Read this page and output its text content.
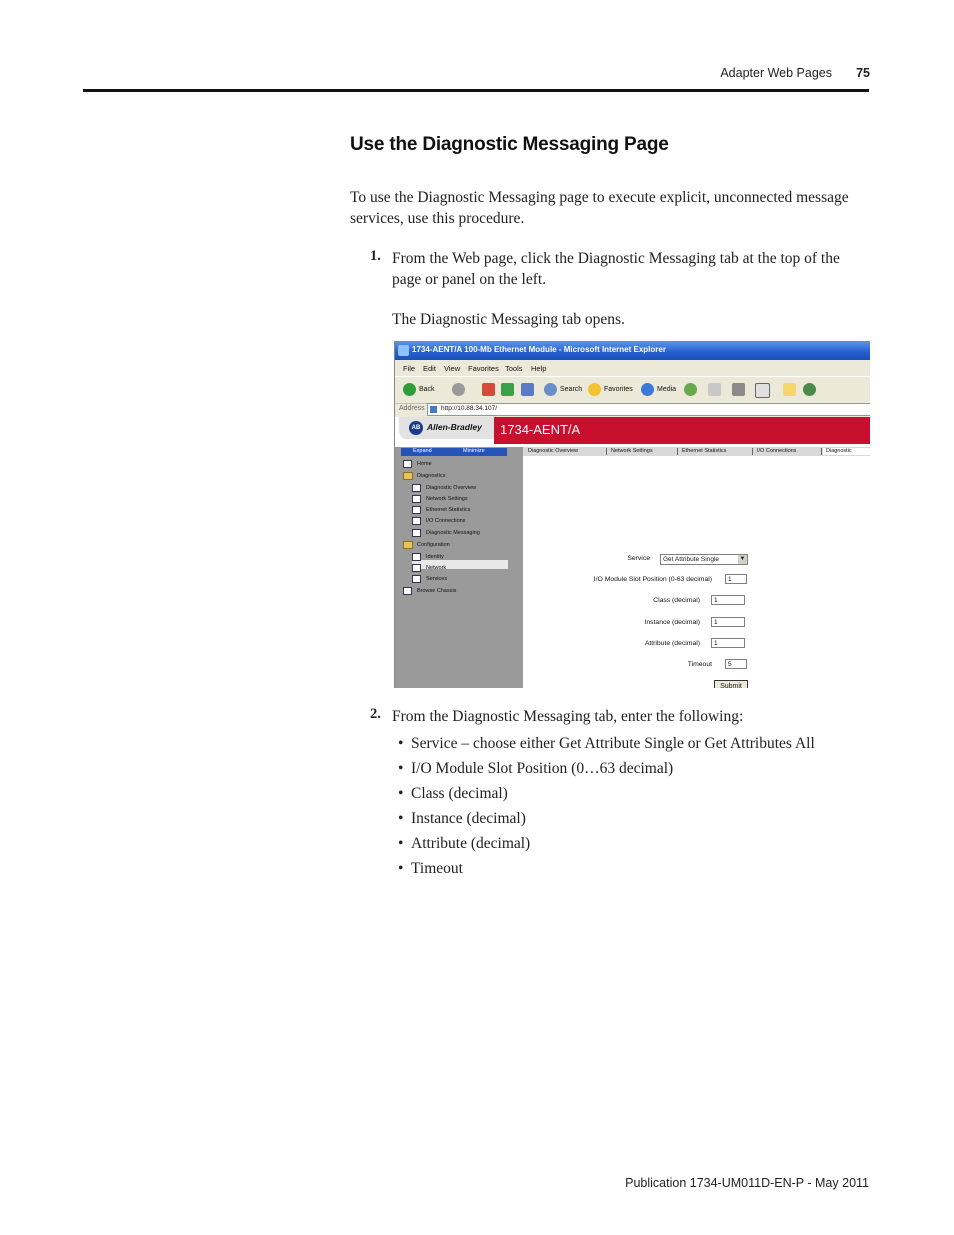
Adapter Web Pages	75
Use the Diagnostic Messaging Page
To use the Diagnostic Messaging page to execute explicit, unconnected message services, use this procedure.
1. From the Web page, click the Diagnostic Messaging tab at the top of the page or panel on the left.
The Diagnostic Messaging tab opens.
1734-AENT/A 100-Mb Ethernet Module - Microsoft Internet Explorer
File Edit View Favorites Tools Help
Back	Search	Favorites	Media
Address	http://10.88.34.107/
AB Allen-Bradley 1734-AENT/A
Expand	Minimize
Home
Diagnostics
Diagnostic Overview
Network Settings
Ethernet Statistics
I/O Connections
Diagnostic Messaging
Configuration
Identity
Network
Services
Browse Chassis
Diagnostic Overview	Network Settings	Ethernet Statistics	I/O Connections	Diagnostic
Service	Get Attribute Single	▼
I/O Module Slot Position (0-63 decimal)	1
Class (decimal)	1
Instance (decimal)	1
Attribute (decimal)	1
Timeout	5
Submit
2. From the Diagnostic Messaging tab, enter the following:
• Service – choose either Get Attribute Single or Get Attributes All
• I/O Module Slot Position (0…63 decimal)
• Class (decimal)
• Instance (decimal)
• Attribute (decimal)
• Timeout
Publication 1734-UM011D-EN-P - May 2011
